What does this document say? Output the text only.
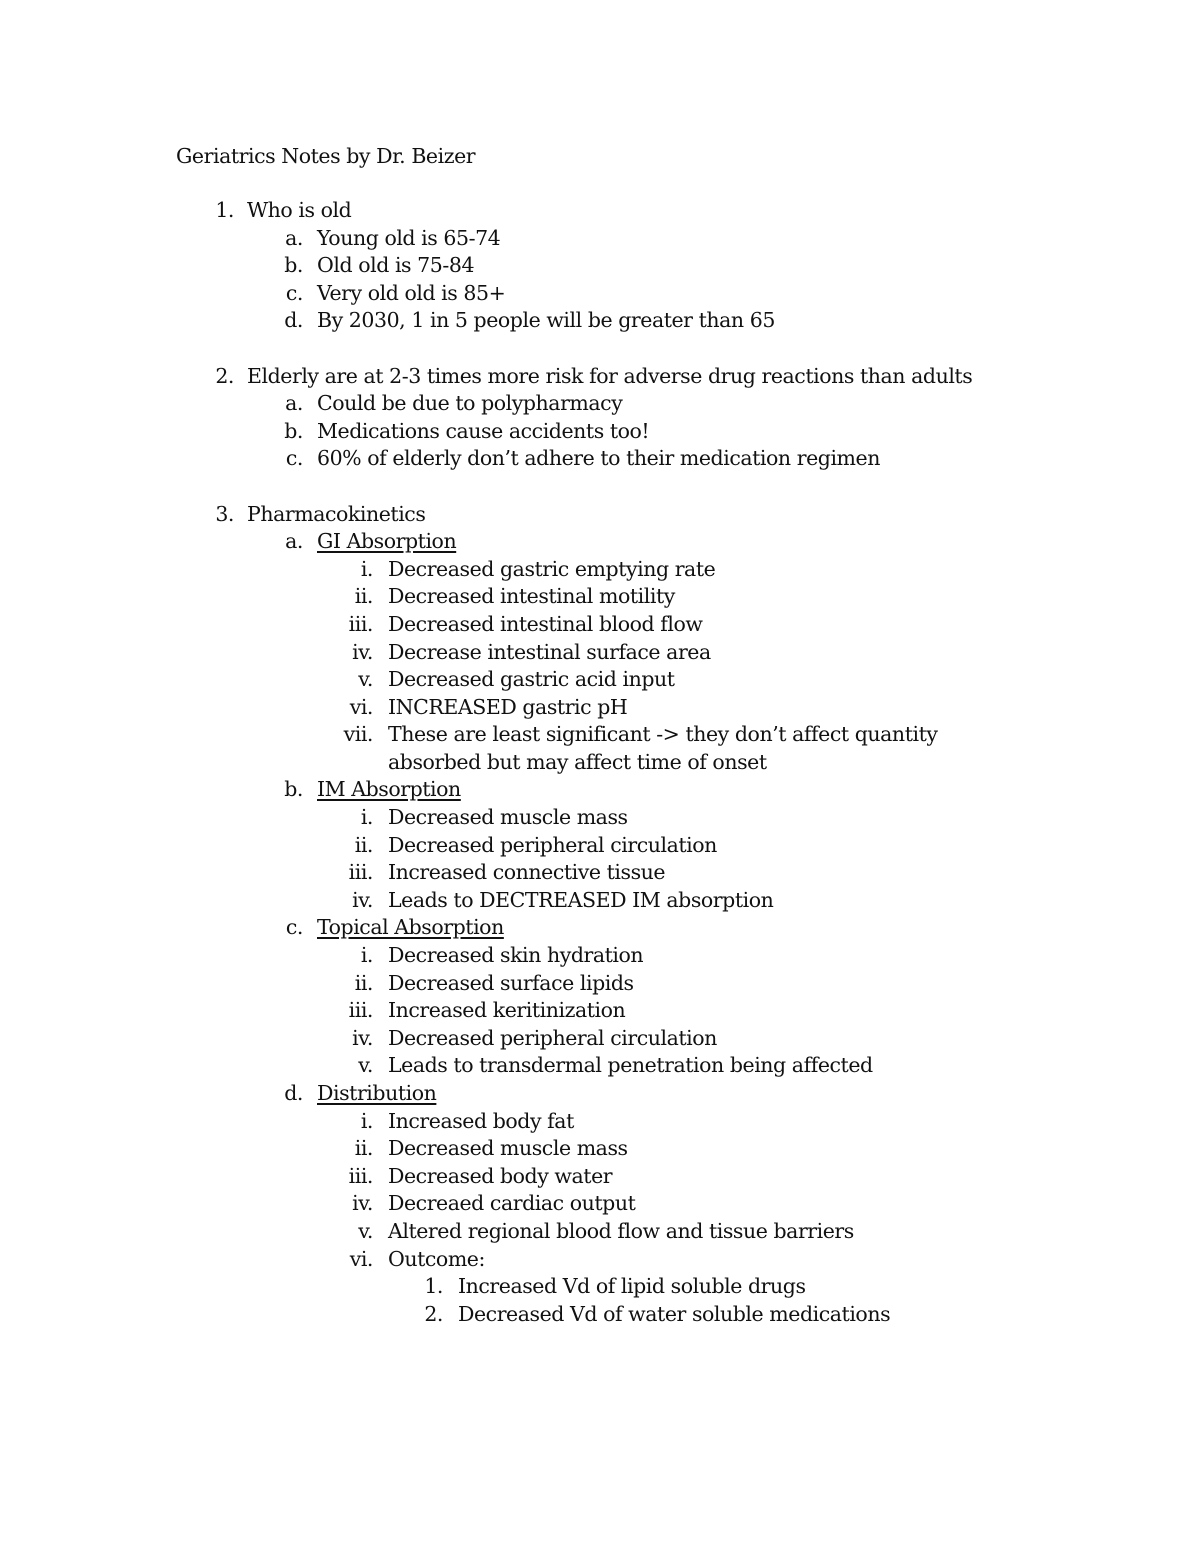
Geriatrics Notes by Dr. Beizer
1. Who is old
a. Young old is 65-74
b. Old old is 75-84
c. Very old old is 85+
d. By 2030, 1 in 5 people will be greater than 65
2. Elderly are at 2-3 times more risk for adverse drug reactions than adults
a. Could be due to polypharmacy
b. Medications cause accidents too!
c. 60% of elderly don’t adhere to their medication regimen
3. Pharmacokinetics
a. GI Absorption
i. Decreased gastric emptying rate
ii. Decreased intestinal motility
iii. Decreased intestinal blood flow
iv. Decrease intestinal surface area
v. Decreased gastric acid input
vi. INCREASED gastric pH
vii. These are least significant -> they don’t affect quantity
absorbed but may affect time of onset
b. IM Absorption
i. Decreased muscle mass
ii. Decreased peripheral circulation
iii. Increased connective tissue
iv. Leads to DECTREASED IM absorption
c. Topical Absorption
i. Decreased skin hydration
ii. Decreased surface lipids
iii. Increased keritinization
iv. Decreased peripheral circulation
v. Leads to transdermal penetration being affected
d. Distribution
i. Increased body fat
ii. Decreased muscle mass
iii. Decreased body water
iv. Decreaed cardiac output
v. Altered regional blood flow and tissue barriers
vi. Outcome:
1. Increased Vd of lipid soluble drugs
2. Decreased Vd of water soluble medications
